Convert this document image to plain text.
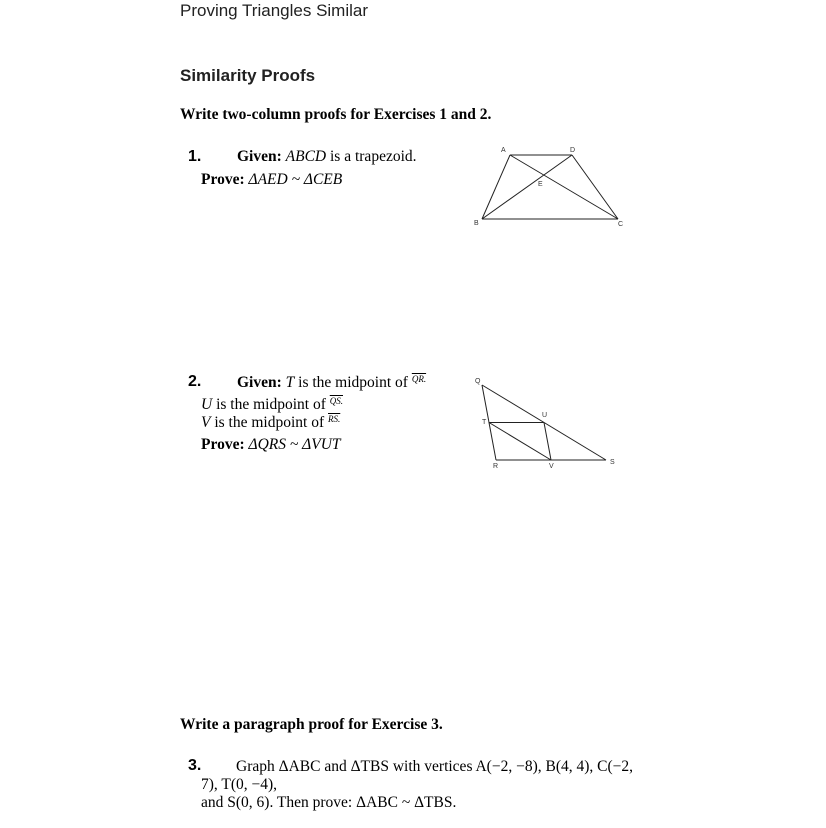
Proving Triangles Similar
Similarity Proofs
Write two-column proofs for Exercises 1 and 2.
1. Given: ABCD is a trapezoid.
Prove: ΔAED ~ ΔCEB
A	D
E
B	C
2. Given: T is the midpoint of $^{QR.}$
U is the midpoint of $^{QS.}$
V is the midpoint of $^{RS.}$
Prove: ΔQRS ~ ΔVUT
Q
T
U
R	V
S
Write a paragraph proof for Exercise 3.
3. Graph ΔABC and ΔTBS with vertices A(−2, −8), B(4, 4), C(−2,
7), T(0, −4),
and S(0, 6). Then prove: ΔABC ~ ΔTBS.
